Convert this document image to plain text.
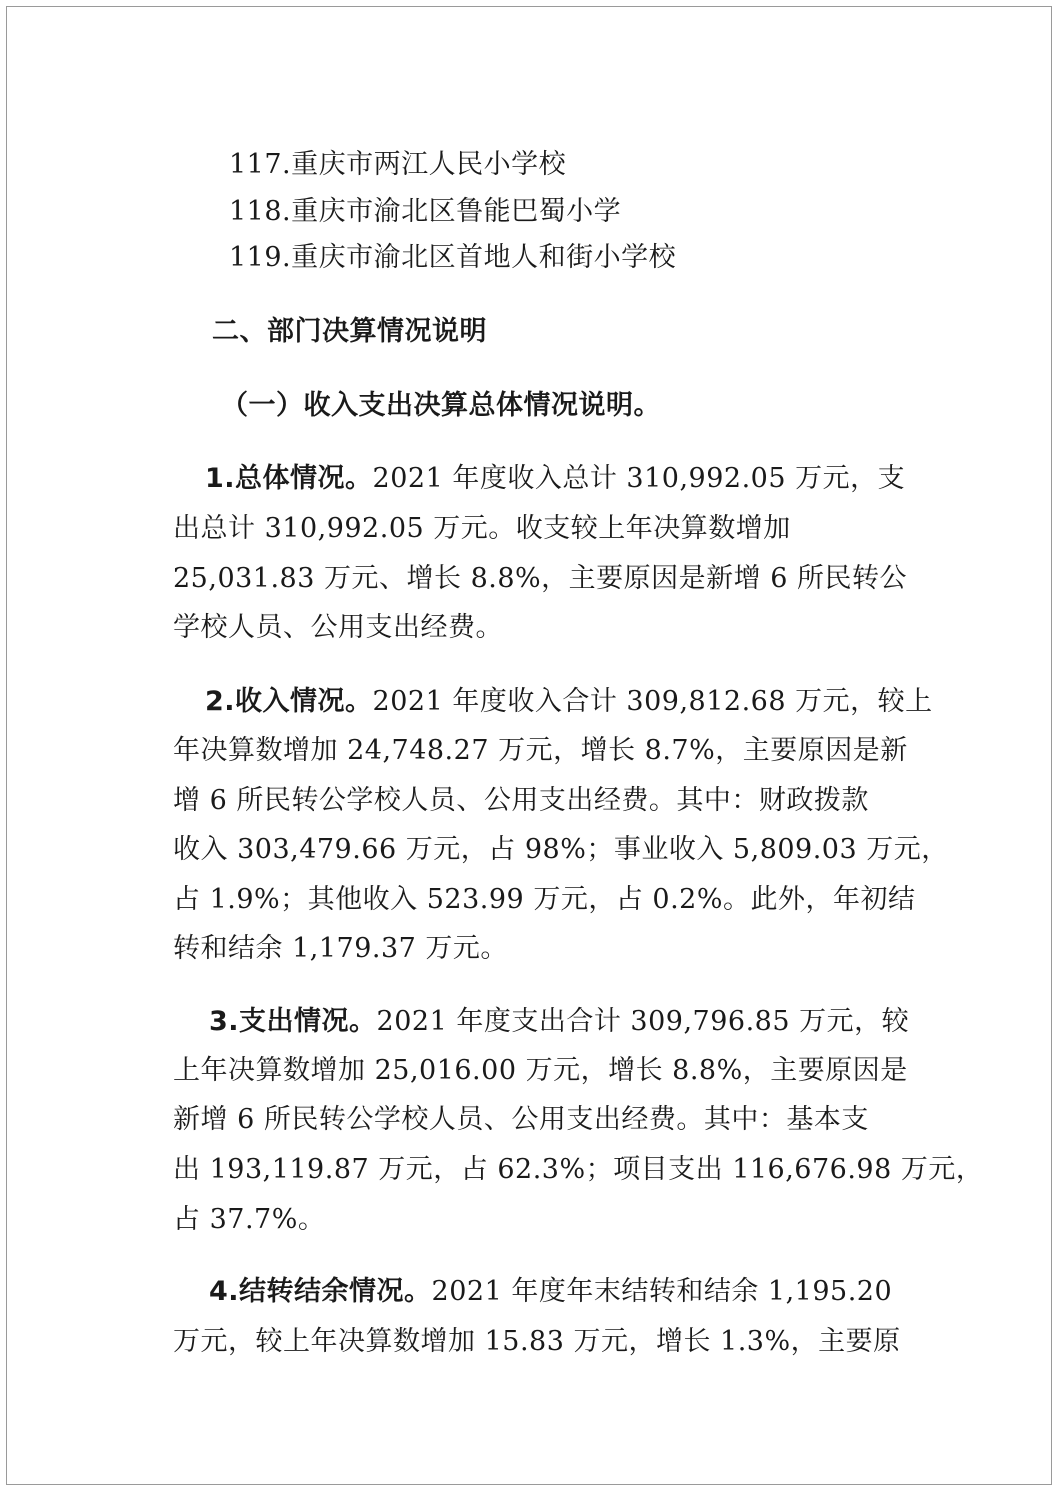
117.重庆市两江人民小学校
118.重庆市渝北区鲁能巴蜀小学
119.重庆市渝北区首地人和街小学校
二、部门决算情况说明
（一）收入支出决算总体情况说明。
1.总体情况。2021 年度收入总计 310,992.05 万元，支
出总计 310,992.05 万元。收支较上年决算数增加
25,031.83 万元、增长 8.8%，主要原因是新增 6 所民转公
学校人员、公用支出经费。
2.收入情况。2021 年度收入合计 309,812.68 万元，较上
年决算数增加 24,748.27 万元，增长 8.7%，主要原因是新
增 6 所民转公学校人员、公用支出经费。其中：财政拨款
收入 303,479.66 万元，占 98%；事业收入 5,809.03 万元，
占 1.9%；其他收入 523.99 万元，占 0.2%。此外，年初结
转和结余 1,179.37 万元。
3.支出情况。2021 年度支出合计 309,796.85 万元，较
上年决算数增加 25,016.00 万元，增长 8.8%，主要原因是
新增 6 所民转公学校人员、公用支出经费。其中：基本支
出 193,119.87 万元，占 62.3%；项目支出 116,676.98 万元，
占 37.7%。
4.结转结余情况。2021 年度年末结转和结余 1,195.20
万元，较上年决算数增加 15.83 万元，增长 1.3%，主要原
